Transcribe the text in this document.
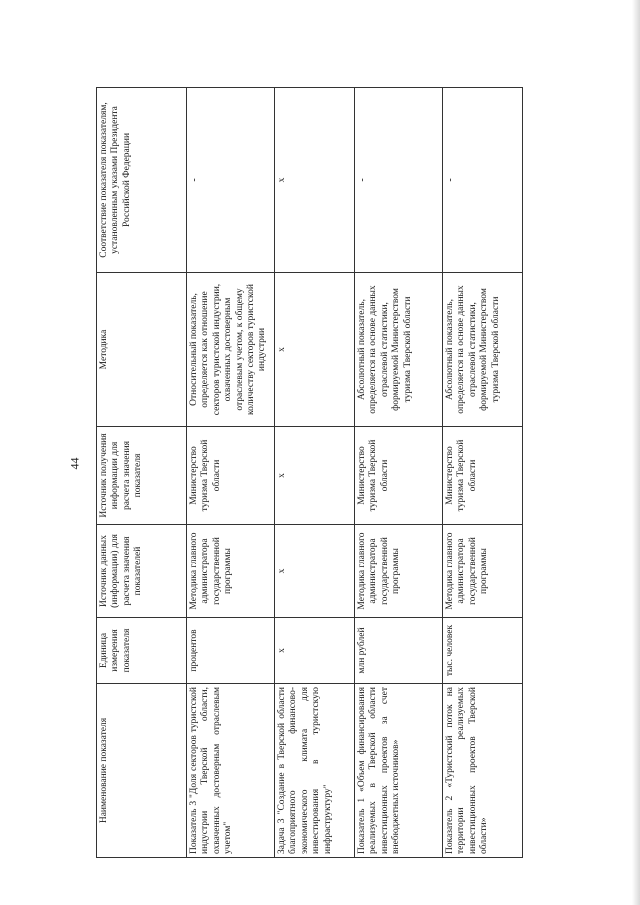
44
Наименование показателя	Единица измерения показателя	Источник данных (информации) для расчета значения показателей	Источник получения информации для расчета значения показателя	Методика	Соответствие показателя показателям, установленным указами Президента Российской Федерации
Показатель 3 "Доля секторов туристской индустрии Тверской области, охваченных достоверным отраслевым учетом"	процентов	Методика главного администратора государственной программы	Министерство туризма Тверской области	Относительный показатель, определяется как отношение секторов туристской индустрии, охваченных достоверным отраслевым учетом, к общему количеству секторов туристской индустрии	-
Задача 3 "Создание в Тверской области благоприятного финансово-экономического климата для инвестирования в туристскую инфраструктуру"	x	x	x	x	x
Показатель 1 «Объем финансирования реализуемых в Тверской области инвестиционных проектов за счет внебюджетных источников»	млн рублей	Методика главного администратора государственной программы	Министерство туризма Тверской области	Абсолютный показатель, определяется на основе данных отраслевой статистики, формируемой Министерством туризма Тверской области	-
Показатель 2 «Туристский поток на территории реализуемых инвестиционных проектов Тверской области»	тыс. человек	Методика главного администратора государственной программы	Министерство туризма Тверской области	Абсолютный показатель, определяется на основе данных отраслевой статистики, формируемой Министерством туризма Тверской области	-
